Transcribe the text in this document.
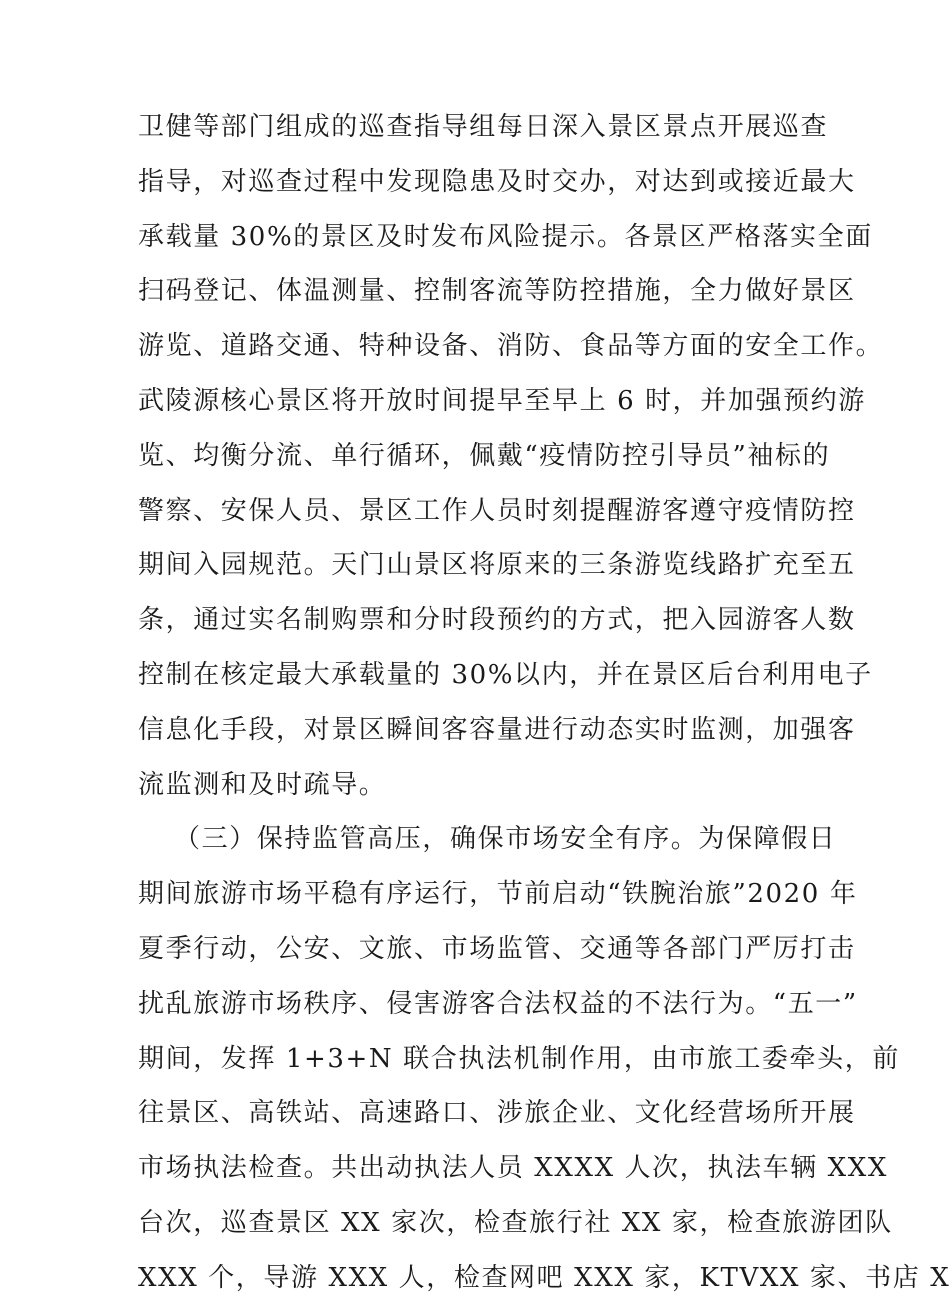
卫健等部门组成的巡查指导组每日深入景区景点开展巡查
指导，对巡查过程中发现隐患及时交办，对达到或接近最大
承载量 30%的景区及时发布风险提示。各景区严格落实全面
扫码登记、体温测量、控制客流等防控措施，全力做好景区
游览、道路交通、特种设备、消防、食品等方面的安全工作。
武陵源核心景区将开放时间提早至早上 6 时，并加强预约游
览、均衡分流、单行循环，佩戴“疫情防控引导员”袖标的
警察、安保人员、景区工作人员时刻提醒游客遵守疫情防控
期间入园规范。天门山景区将原来的三条游览线路扩充至五
条，通过实名制购票和分时段预约的方式，把入园游客人数
控制在核定最大承载量的 30%以内，并在景区后台利用电子
信息化手段，对景区瞬间客容量进行动态实时监测，加强客
流监测和及时疏导。
（三）保持监管高压，确保市场安全有序。为保障假日
期间旅游市场平稳有序运行，节前启动“铁腕治旅”2020 年
夏季行动，公安、文旅、市场监管、交通等各部门严厉打击
扰乱旅游市场秩序、侵害游客合法权益的不法行为。“五一”
期间，发挥 1+3+N 联合执法机制作用，由市旅工委牵头，前
往景区、高铁站、高速路口、涉旅企业、文化经营场所开展
市场执法检查。共出动执法人员 XXXX 人次，执法车辆 XXX
台次，巡查景区 XX 家次，检查旅行社 XX 家，检查旅游团队
XXX 个，导游 XXX 人，检查网吧 XXX 家，KTVXX 家、书店 X
